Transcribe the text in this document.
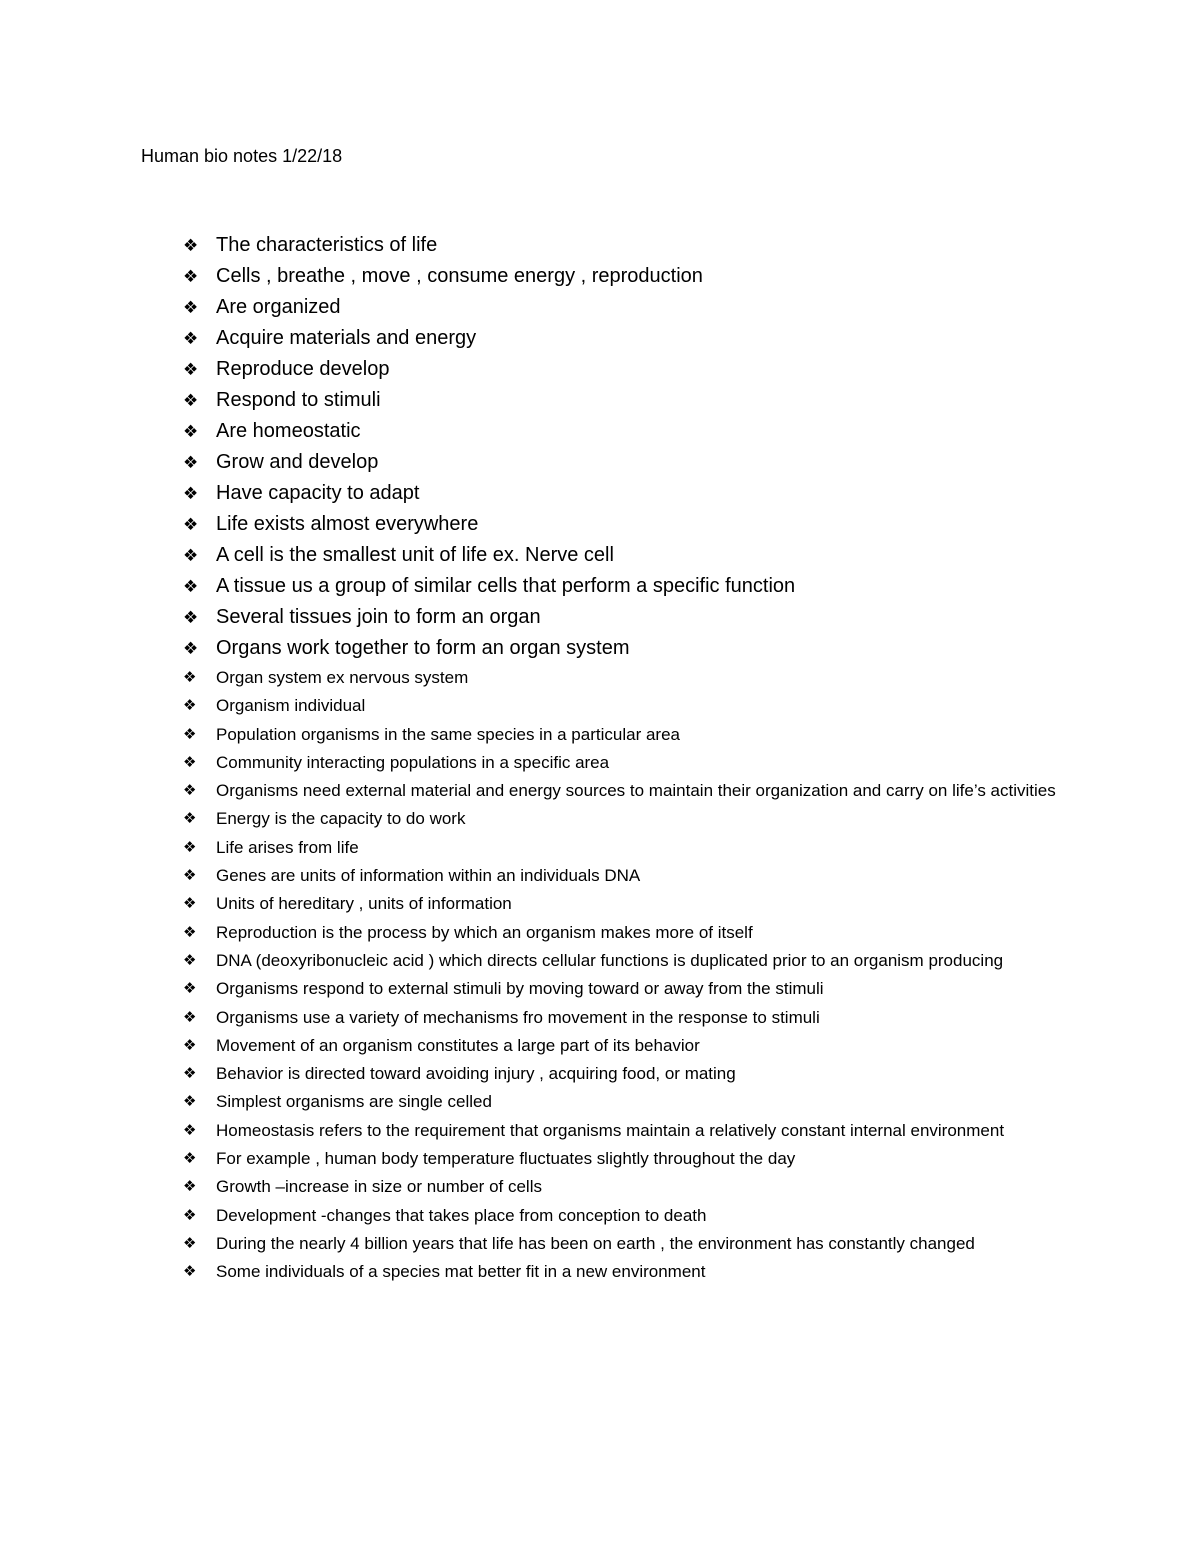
Human bio notes 1/22/18
❖ The characteristics of life
❖ Cells , breathe , move , consume energy , reproduction
❖ Are organized
❖ Acquire materials and energy
❖ Reproduce develop
❖ Respond to stimuli
❖ Are homeostatic
❖ Grow and develop
❖ Have capacity to adapt
❖ Life exists almost everywhere
❖ A cell is the smallest unit of life ex. Nerve cell
❖ A tissue us a group of similar cells that perform a specific function
❖ Several tissues join to form an organ
❖ Organs work together to form an organ system
❖	Organ system ex nervous system
❖	Organism individual
❖	Population organisms in the same species in a particular area
❖	Community interacting populations in a specific area
❖	Organisms need external material and energy sources to maintain their organization and carry on life’s activities
❖	Energy is the capacity to do work
❖	Life arises from life
❖	Genes are units of information within an individuals DNA
❖	Units of hereditary , units of information
❖	Reproduction is the process by which an organism makes more of itself
❖	DNA (deoxyribonucleic acid ) which directs cellular functions is duplicated prior to an organism producing
❖	Organisms respond to external stimuli by moving toward or away from the stimuli
❖	Organisms use a variety of mechanisms fro movement in the response to stimuli
❖	Movement of an organism constitutes a large part of its behavior
❖	Behavior is directed toward avoiding injury , acquiring food, or mating
❖	Simplest organisms are single celled
❖	Homeostasis refers to the requirement that organisms maintain a relatively constant internal environment
❖	For example , human body temperature fluctuates slightly throughout the day
❖	Growth –increase in size or number of cells
❖	Development -changes that takes place from conception to death
❖	During the nearly 4 billion years that life has been on earth , the environment has constantly changed
❖	Some individuals of a species mat better fit in a new environment
